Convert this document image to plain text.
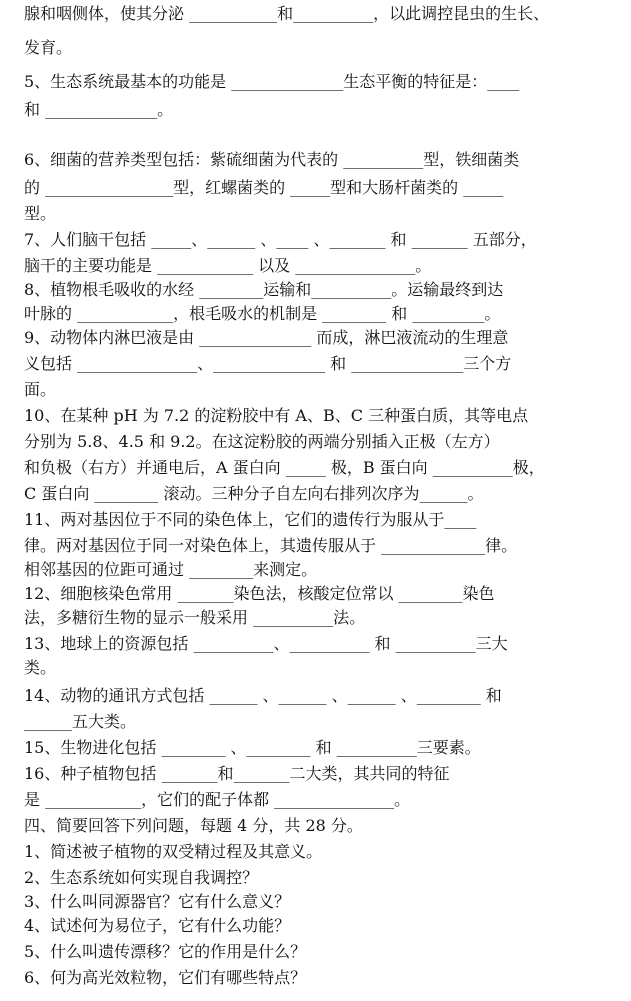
腺和咽侧体，使其分泌 ___________和__________，以此调控昆虫的生长、
发育。
5、生态系统最基本的功能是 ______________生态平衡的特征是：____
和 ______________。
6、细菌的营养类型包括：紫硫细菌为代表的 __________型，铁细菌类
的 ________________型，红螺菌类的 _____型和大肠杆菌类的 _____
型。
7、人们脑干包括 _____、______ 、____ 、_______ 和 _______ 五部分，
脑干的主要功能是 ____________ 以及 _______________。
8、植物根毛吸收的水经 ________运输和__________。运输最终到达
叶脉的 ____________，根毛吸水的机制是 ________ 和 _________。
9、动物体内淋巴液是由 ______________ 而成，淋巴液流动的生理意
义包括 _______________、______________ 和 ______________三个方
面。
10、在某种 pH 为 7.2 的淀粉胶中有 A、B、C 三种蛋白质，其等电点
分别为 5.8、4.5 和 9.2。在这淀粉胶的两端分别插入正极（左方）
和负极（右方）并通电后，A 蛋白向 _____ 极，B 蛋白向 __________极，
C 蛋白向 ________ 滚动。三种分子自左向右排列次序为______。
11、两对基因位于不同的染色体上，它们的遗传行为服从于____
律。两对基因位于同一对染色体上，其遗传服从于 _____________律。
相邻基因的位距可通过 ________来测定。
12、细胞核染色常用 _______染色法，核酸定位常以 ________染色
法，多糖衍生物的显示一般采用 __________法。
13、地球上的资源包括 __________、__________ 和 __________三大
类。
14、动物的通讯方式包括 ______ 、______ 、______ 、________ 和
______五大类。
15、生物进化包括 ________ 、________ 和 __________三要素。
16、种子植物包括 _______和_______二大类，其共同的特征
是 ____________，它们的配子体都 _______________。
四、简要回答下列问题，每题 4 分，共 28 分。
1、简述被子植物的双受精过程及其意义。
2、生态系统如何实现自我调控？
3、什么叫同源器官？它有什么意义？
4、试述何为易位子，它有什么功能？
5、什么叫遗传漂移？它的作用是什么？
6、何为高光效粒物，它们有哪些特点？
